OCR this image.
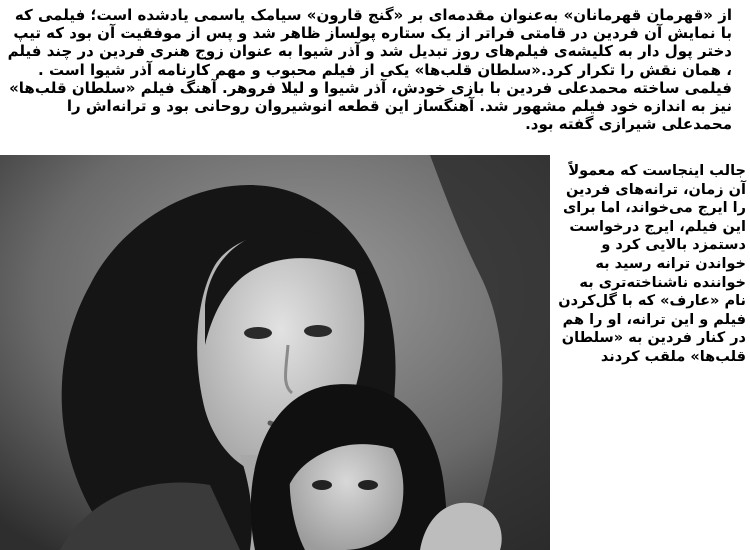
از «قهرمان قهرمانان» به‌عنوان مقدمه‌ای بر «گنج قارون» سیامک یاسمی یادشده است؛ فیلمی که با نمایش آن فردین در قامتی فراتر از یک ستاره پولساز ظاهر شد و پس از موفقیت آن بود که تیپ دختر پول دار به کلیشه‌ی فیلم‌های روز تبدیل شد و آذر شیوا به عنوان زوج هنری فردین در چند فیلم ، همان نقش را تکرار کرد.«سلطان قلب‌ها» یکی از فیلم محبوب و مهم کارنامه آذر شیوا است . فیلمی ساخته محمدعلی فردین با بازی خودش، آذر شیوا و لیلا فروهر. آهنگ فیلم «سلطان قلب‌ها» نیز به اندازه خود فیلم مشهور شد. آهنگساز این قطعه انوشیروان روحانی بود و ترانه‌اش را محمدعلی شیرازی گفته بود.

جالب اینجاست که معمولاً آن زمان، ترانه‌های فردین را ایرج می‌خواند، اما برای این فیلم، ایرج درخواست دستمزد بالایی کرد و خواندن ترانه رسید به خواننده ناشناخته‌تری به نام «عارف» که با گل‌کردن فیلم و این ترانه، او را هم در کنار فردین به «سلطان قلب‌ها» ملقب کردند
